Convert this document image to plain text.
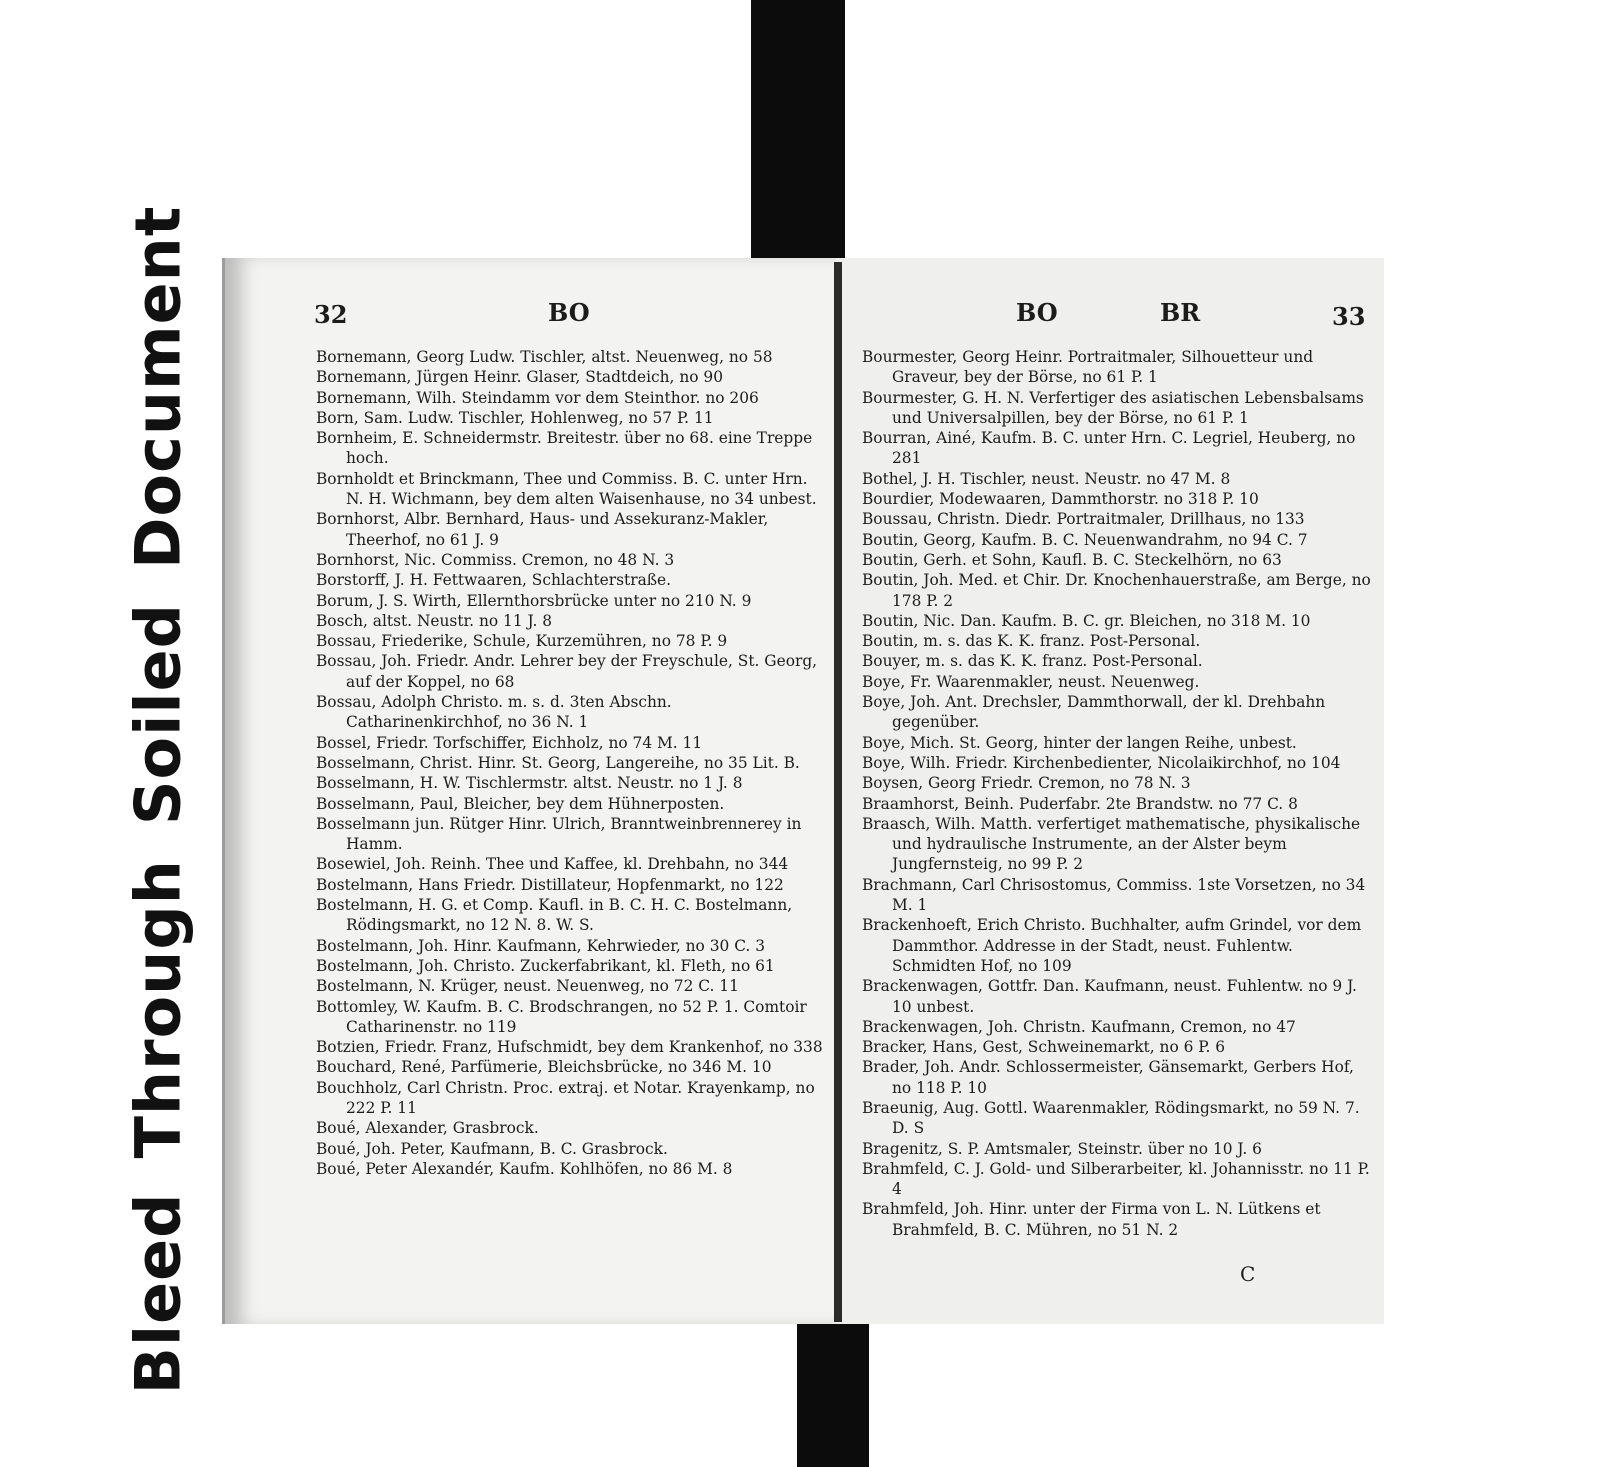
BleedThroughSoiledDocument	32	BO	BO	BR	33
Bornemann, Georg Ludw. Tischler, altst. Neuenweg, no 58
Bornemann, Jürgen Heinr. Glaser, Stadtdeich, no 90
Bornemann, Wilh. Steindamm vor dem Steinthor. no 206
Born, Sam. Ludw. Tischler, Hohlenweg, no 57 P. 11
Bornheim, E. Schneidermstr. Breitestr. über no 68. eine Treppe hoch.
Bornholdt et Brinckmann, Thee und Commiss. B. C. unter Hrn. N. H. Wichmann, bey dem alten Waisenhause, no 34 unbest.
Bornhorst, Albr. Bernhard, Haus- und Assekuranz-Makler, Theerhof, no 61 J. 9
Bornhorst, Nic. Commiss. Cremon, no 48 N. 3
Borstorff, J. H. Fettwaaren, Schlachterstraße.
Borum, J. S. Wirth, Ellernthorsbrücke unter no 210 N. 9
Bosch, altst. Neustr. no 11 J. 8
Bossau, Friederike, Schule, Kurzemühren, no 78 P. 9
Bossau, Joh. Friedr. Andr. Lehrer bey der Freyschule, St. Georg, auf der Koppel, no 68
Bossau, Adolph Christo. m. s. d. 3ten Abschn. Catharinenkirchhof, no 36 N. 1
Bossel, Friedr. Torfschiffer, Eichholz, no 74 M. 11
Bosselmann, Christ. Hinr. St. Georg, Langereihe, no 35 Lit. B.
Bosselmann, H. W. Tischlermstr. altst. Neustr. no 1 J. 8
Bosselmann, Paul, Bleicher, bey dem Hühnerposten.
Bosselmann jun. Rütger Hinr. Ulrich, Branntweinbrennerey in Hamm.
Bosewiel, Joh. Reinh. Thee und Kaffee, kl. Drehbahn, no 344
Bostelmann, Hans Friedr. Distillateur, Hopfenmarkt, no 122
Bostelmann, H. G. et Comp. Kaufl. in B. C. H. C. Bostelmann, Rödingsmarkt, no 12 N. 8. W. S.
Bostelmann, Joh. Hinr. Kaufmann, Kehrwieder, no 30 C. 3
Bostelmann, Joh. Christo. Zuckerfabrikant, kl. Fleth, no 61
Bostelmann, N. Krüger, neust. Neuenweg, no 72 C. 11
Bottomley, W. Kaufm. B. C. Brodschrangen, no 52 P. 1. Comtoir Catharinenstr. no 119
Botzien, Friedr. Franz, Hufschmidt, bey dem Krankenhof, no 338
Bouchard, René, Parfümerie, Bleichsbrücke, no 346 M. 10
Bouchholz, Carl Christn. Proc. extraj. et Notar. Krayenkamp, no 222 P. 11
Boué, Alexander, Grasbrock.
Boué, Joh. Peter, Kaufmann, B. C. Grasbrock.
Boué, Peter Alexandér, Kaufm. Kohlhöfen, no 86 M. 8
Bourmester, Georg Heinr. Portraitmaler, Silhouetteur und Graveur, bey der Börse, no 61 P. 1
Bourmester, G. H. N. Verfertiger des asiatischen Lebensbalsams und Universalpillen, bey der Börse, no 61 P. 1
Bourran, Ainé, Kaufm. B. C. unter Hrn. C. Legriel, Heuberg, no 281
Bothel, J. H. Tischler, neust. Neustr. no 47 M. 8
Bourdier, Modewaaren, Dammthorstr. no 318 P. 10
Boussau, Christn. Diedr. Portraitmaler, Drillhaus, no 133
Boutin, Georg, Kaufm. B. C. Neuenwandrahm, no 94 C. 7
Boutin, Gerh. et Sohn, Kaufl. B. C. Steckelhörn, no 63
Boutin, Joh. Med. et Chir. Dr. Knochenhauerstraße, am Berge, no 178 P. 2
Boutin, Nic. Dan. Kaufm. B. C. gr. Bleichen, no 318 M. 10
Boutin, m. s. das K. K. franz. Post-Personal.
Bouyer, m. s. das K. K. franz. Post-Personal.
Boye, Fr. Waarenmakler, neust. Neuenweg.
Boye, Joh. Ant. Drechsler, Dammthorwall, der kl. Drehbahn gegenüber.
Boye, Mich. St. Georg, hinter der langen Reihe, unbest.
Boye, Wilh. Friedr. Kirchenbedienter, Nicolaikirchhof, no 104
Boysen, Georg Friedr. Cremon, no 78 N. 3
Braamhorst, Beinh. Puderfabr. 2te Brandstw. no 77 C. 8
Braasch, Wilh. Matth. verfertiget mathematische, physikalische und hydraulische Instrumente, an der Alster beym Jungfernsteig, no 99 P. 2
Brachmann, Carl Chrisostomus, Commiss. 1ste Vorsetzen, no 34 M. 1
Brackenhoeft, Erich Christo. Buchhalter, aufm Grindel, vor dem Dammthor. Addresse in der Stadt, neust. Fuhlentw. Schmidten Hof, no 109
Brackenwagen, Gottfr. Dan. Kaufmann, neust. Fuhlentw. no 9 J. 10 unbest.
Brackenwagen, Joh. Christn. Kaufmann, Cremon, no 47
Bracker, Hans, Gest, Schweinemarkt, no 6 P. 6
Brader, Joh. Andr. Schlossermeister, Gänsemarkt, Gerbers Hof, no 118 P. 10
Braeunig, Aug. Gottl. Waarenmakler, Rödingsmarkt, no 59 N. 7. D. S
Bragenitz, S. P. Amtsmaler, Steinstr. über no 10 J. 6
Brahmfeld, C. J. Gold- und Silberarbeiter, kl. Johannisstr. no 11 P. 4
Brahmfeld, Joh. Hinr. unter der Firma von L. N. Lütkens et Brahmfeld, B. C. Mühren, no 51 N. 2
C
